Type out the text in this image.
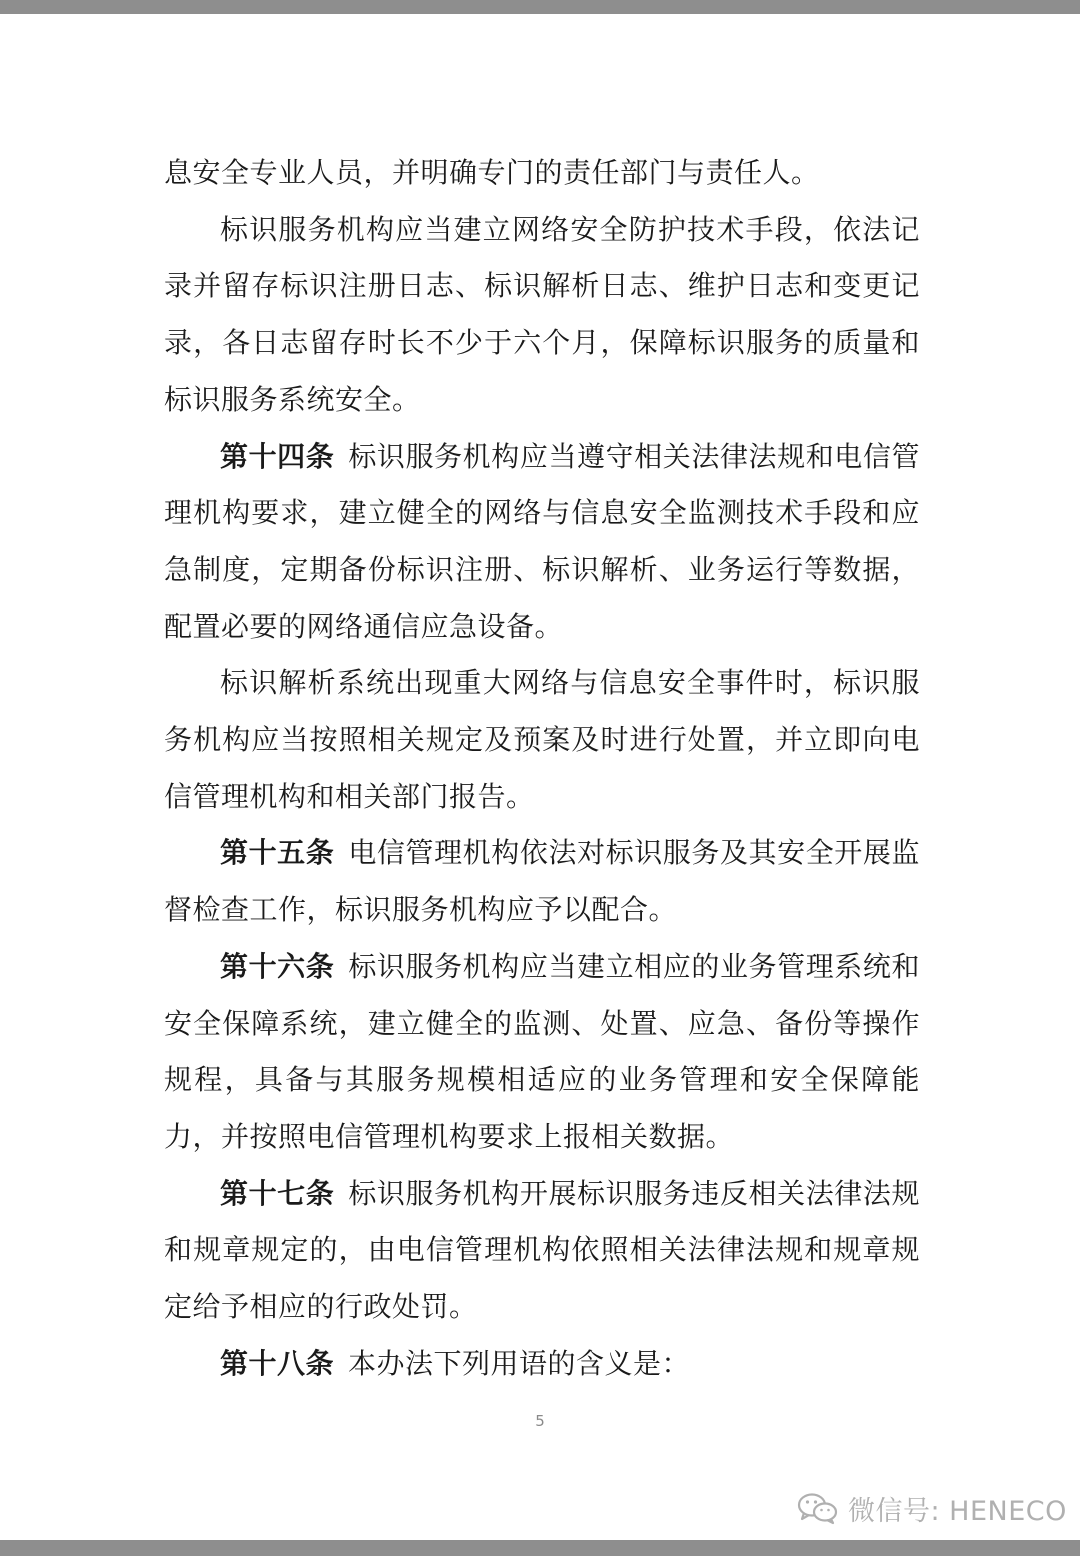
息安全专业人员，并明确专门的责任部门与责任人。

标识服务机构应当建立网络安全防护技术手段，依法记录并留存标识注册日志、标识解析日志、维护日志和变更记录，各日志留存时长不少于六个月，保障标识服务的质量和标识服务系统安全。

第十四条 标识服务机构应当遵守相关法律法规和电信管理机构要求，建立健全的网络与信息安全监测技术手段和应急制度，定期备份标识注册、标识解析、业务运行等数据，配置必要的网络通信应急设备。

标识解析系统出现重大网络与信息安全事件时，标识服务机构应当按照相关规定及预案及时进行处置，并立即向电信管理机构和相关部门报告。

第十五条 电信管理机构依法对标识服务及其安全开展监督检查工作，标识服务机构应予以配合。

第十六条 标识服务机构应当建立相应的业务管理系统和安全保障系统，建立健全的监测、处置、应急、备份等操作规程，具备与其服务规模相适应的业务管理和安全保障能力，并按照电信管理机构要求上报相关数据。

第十七条 标识服务机构开展标识服务违反相关法律法规和规章规定的，由电信管理机构依照相关法律法规和规章规定给予相应的行政处罚。

第十八条 本办法下列用语的含义是：

5
微信号: HENECO
